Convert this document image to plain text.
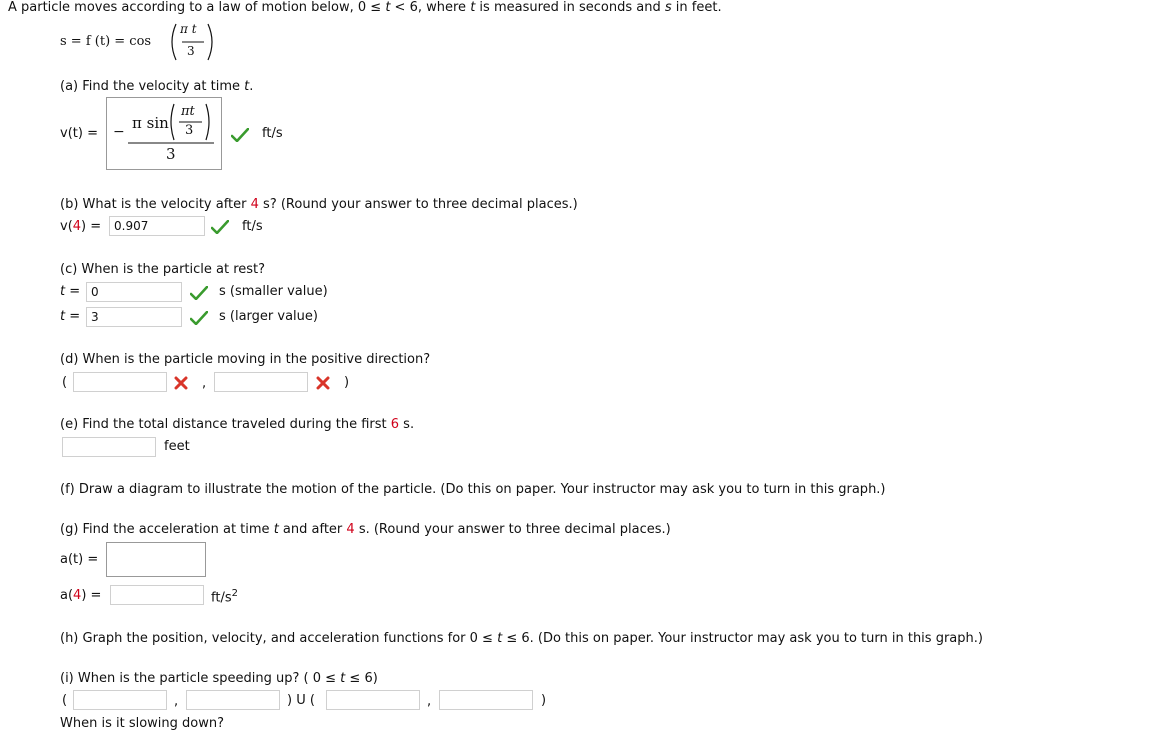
A particle moves according to a law of motion below, 0 ≤ t < 6, where t is measured in seconds and s in feet.
s = f (t) = cos
π t
3
(a) Find the velocity at time t.
v(t) = − π sin
πt
3
3
ft/s
(b) What is the velocity after 4 s? (Round your answer to three decimal places.)
v(4) =	0.907	ft/s
(c) When is the particle at rest?
t = 0	s (smaller value)
t = 3	s (larger value)
(d) When is the particle moving in the positive direction?
(	,	)
(e) Find the total distance traveled during the first 6 s.
feet
(f) Draw a diagram to illustrate the motion of the particle. (Do this on paper. Your instructor may ask you to turn in this graph.)
(g) Find the acceleration at time t and after 4 s. (Round your answer to three decimal places.)
a(t) =
a(4) =	$ft/s^2$
(h) Graph the position, velocity, and acceleration functions for 0 ≤ t ≤ 6. (Do this on paper. Your instructor may ask you to turn in this graph.)
(i) When is the particle speeding up? ( 0 ≤ t ≤ 6)
(	,	) U (	,	)
When is it slowing down?
